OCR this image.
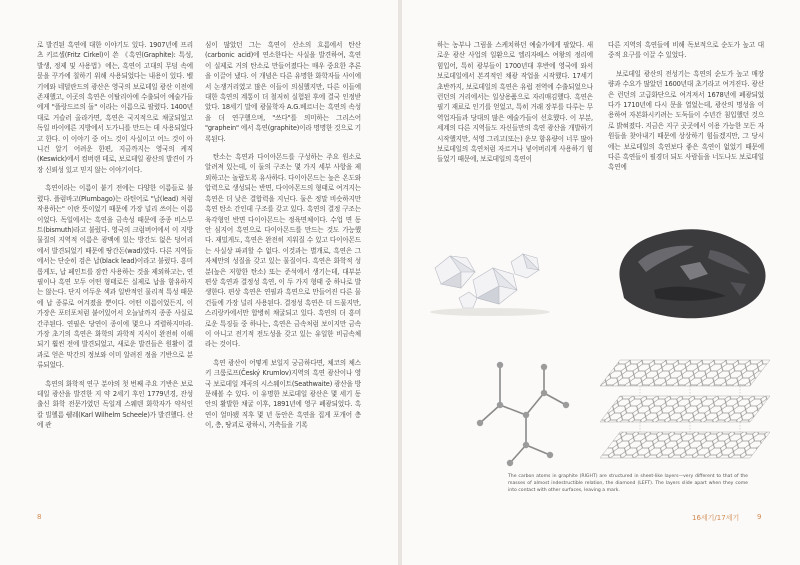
로 발견된 흑연에 대한 이야기도 있다. 1907년에 프리츠 키르셀(Fritz Cirkel)이 쓴 《흑연(Graphite): 특성, 발생, 정제 및 사용법》에는, 흑연이 고대의 무덤 속에 묻을 꾸가에 칠하기 위해 사용되었다는 내용이 있다. 벨기에와 네덜란드의 광산은 영국의 보로데일 광산 이전에 존재했고, 이곳의 흑연은 이탈리아에 수출되어 예술가들에게 "플랑드르의 돌" 이라는 이름으로 팔렸다. 1400년대로 거슬러 올라가면, 흑연은 국지적으로 채굴되었고 독일 바이에른 지방에서 도가니를 만드는 데 사용되었다고 한다. 이 이야기 중 어느 것이 사실이고 어느 것이 아니건 알기 어려운 한편, 지금까지는 영국의 케직(Keswick)에서 컴버랜 데로, 보로데일 광산의 발견이 가장 신뢰성 있고 믿지 않는 이야기이다.

흑연이라는 이름이 붙기 전에는 다양한 이름들로 불렸다. 플럼바고(Plumbago)는 라틴어로 "납(lead) 처럼 작용하는" 이란 뜻이었기 때문에 가장 널리 쓰이는 이름이었다. 독일에서는 흑연을 금속성 때문에 종종 비스무트(bismuth)라고 불렀다. 영국의 크럼버어에서 이 지방 물질의 지역적 이름은 광맥에 있는 방간도 없은 덩어리에서 발견되었기 때문에 땅간돈(wad)였다. 다른 지역들에서는 단순히 검은 납(black lead)이라고 불렀다. 흥미롭게도, 납 페인트를 잠깐 사용하는 것을 제외하고는, 연필이나 흑연 모두 어떤 형태로든 실제로 납을 함유하지는 않는다. 단지 어두운 색과 일반적인 물리적 특성 때문에 납 종류로 여겨졌을 뿐이다. 어떤 이름이었든지, 이 가장은 포터포처럼 붙어있어서 오늘날까지 종종 사실로 간주된다. 연필은 당연이 종이에 몇으나 격렬하지마라. 가장 초기의 흑연은 화학의 과학적 지식이 완전히 이해되기 훨씬 전에 발견되었고, 새로운 발견들은 원활이 결과로 얻은 막간의 정보와 이미 알려진 정을 기반으로 분류되었다.

흑연의 화학적 연구 분야의 첫 번째 주요 기반은 보로데일 광산을 발견한 지 약 2세기 후인 1779년경, 잔성 출신 화학 전문가였던 독일계 스웨덴 화학자가 약식인 칼 빌헬름 쉘레(Karl Wilhelm Scheele)가 발견했다. 산에 관

심이 많았던 그는 흑연이 산소의 흐름에서 탄산(carbonic acid)에 연소한다는 사실을 발견하여, 흑연이 실제로 거의 탄소로 만들어졌다는 매우 중요한 추론을 이끌어 냈다. 이 개념은 다른 유명한 화학자들 사이에서 논쟁거리였고 많은 이들이 의심했지만, 다른 이들에 대한 흑연의 계통이 더 철저히 실험된 후에 결국 인정받았다. 18세기 말에 광물학자 A.G.베르너는 흑연의 속성을 더 연구했으며, "쓰다"를 의미하는 그리스어 "graphein" 에서 흑연(graphite)이라 명명한 것으로 기록된다.

탄소는 흑연과 다이아몬드를 구성하는 주요 원소로 알려져 있는데, 이 둘의 구조는 몇 가지 세부 사항을 제외하고는 놀랍도록 유사하다. 다이아몬드는 높은 온도와 압력으로 생성되는 반면, 다이아몬드의 형태로 여겨지는 흑연은 더 낮은 결합력을 지닌다. 둘은 정말 비슷하지만 흑연 탄소 간인데 구조를 갖고 있다. 흑연의 결정 구조는 육각형인 반면 다이아몬드는 정육면체이다. 수업 면 동안 심지어 흑연으로 다이아몬드를 만드는 것도 가능했다. 재밌게도, 흑연은 완전히 지워질 수 있고 다이아몬드는 사실상 파괴할 수 없다. 이것과는 별개로, 흑연은 그 자체만의 성질을 갖고 있는 물질이다. 흑연은 화학적 성분(높은 저항한 탄소) 또는 준석에서 생기는데, 대부분 편상 흑연과 결정성 흑연, 이 두 가지 형태 중 하나로 발생한다. 편상 흑연은 연필과 흑연으로 만들어진 다른 물건들에 가장 널리 사용된다. 결정성 흑연은 더 드물지만, 스리랑카에서만 합병히 채굴되고 있다. 흑연의 더 흥미로운 특징들 중 하나는, 흑연은 금속처럼 보이지만 금속이 아니고 전기적 전도성을 갖고 있는 유일한 비금속체라는 것이다.

흑연 광산이 어떻게 보일지 궁금하다면, 체코의 체스키 크룸로프(Český Krumlov)지역의 흑연 광산이나 영국 보로데일 계곡의 시스웨이트(Seathwaite) 광산을 방문해볼 수 있다. 이 유명한 보로데일 광산은 몇 세기 동안의 활발한 채굴 이후, 1891년에 영구 폐광되었다. 흑연이 얼마됐 직후 몇 년 동안은 흑연을 집게 포개어 층이, 층, 땅괴로 광하시, 거축들을 기록

하는 농부나 그림을 스케치하던 예술가에게 팔았다. 새로운 광산 사업의 일환으로 엘리자베스 여왕의 정리에 힘입어, 특히 광부들이 1700년대 후반에 영국에 와서 보로데일에서 본격적인 채광 작업을 시작했다. 17세기 초반까지, 보로데일의 흑연은 유럽 전역에 수출되었으나 런던의 거리에서는 일상용품으로 자리매김했다. 흑연은 필기 재료로 인기를 얻었고, 특히 거래 장부를 다루는 무역업자들과 당대의 많은 예술가들이 선호했다. 이 부분, 세계의 다른 지역들도 자신들만의 흑연 광산을 개발하기 시작했지만, 석영 그리고(또는) 운모 함유량이 너무 많아 보로데일의 흑연처럼 자르거나 넣어버리게 사용하기 힘들었기 때문에, 보로데일의 흑연이

다른 지역의 흑연들에 비해 독보적으로 순도가 높고 대중적 요구를 이끌 수 있었다.

보로데일 광산의 전성기는 흑연의 순도가 높고 매장량과 수요가 많았던 1600년대 초기라고 여겨진다. 광산은 런던의 고급화단으로 여겨져서 1678년에 폐광되었다가 1710년에 다시 문을 열었는데, 광산의 명성을 이용하여 자본화시키려는 도둑들이 수년간 침입했던 것으로 밝혀졌다. 지금은 지구 곳곳에서 이용 가능한 모든 자원들을 찾아내기 때문에 상상하기 힘들겠지만, 그 당시에는 보로데일의 흑연보다 좋은 흑연이 없었기 때문에 다른 흑연들이 필경더 되도 사람들을 너도나도 보로데일 흑연에

The carbon atoms in graphite (RIGHT) are structured in sheet-like layers—very different to that of the masses of almost indestructible relation, the diamond (LEFT). The layers slide apart when they come into contact with other surfaces, leaving a mark.
8	16세기/17세기	9
